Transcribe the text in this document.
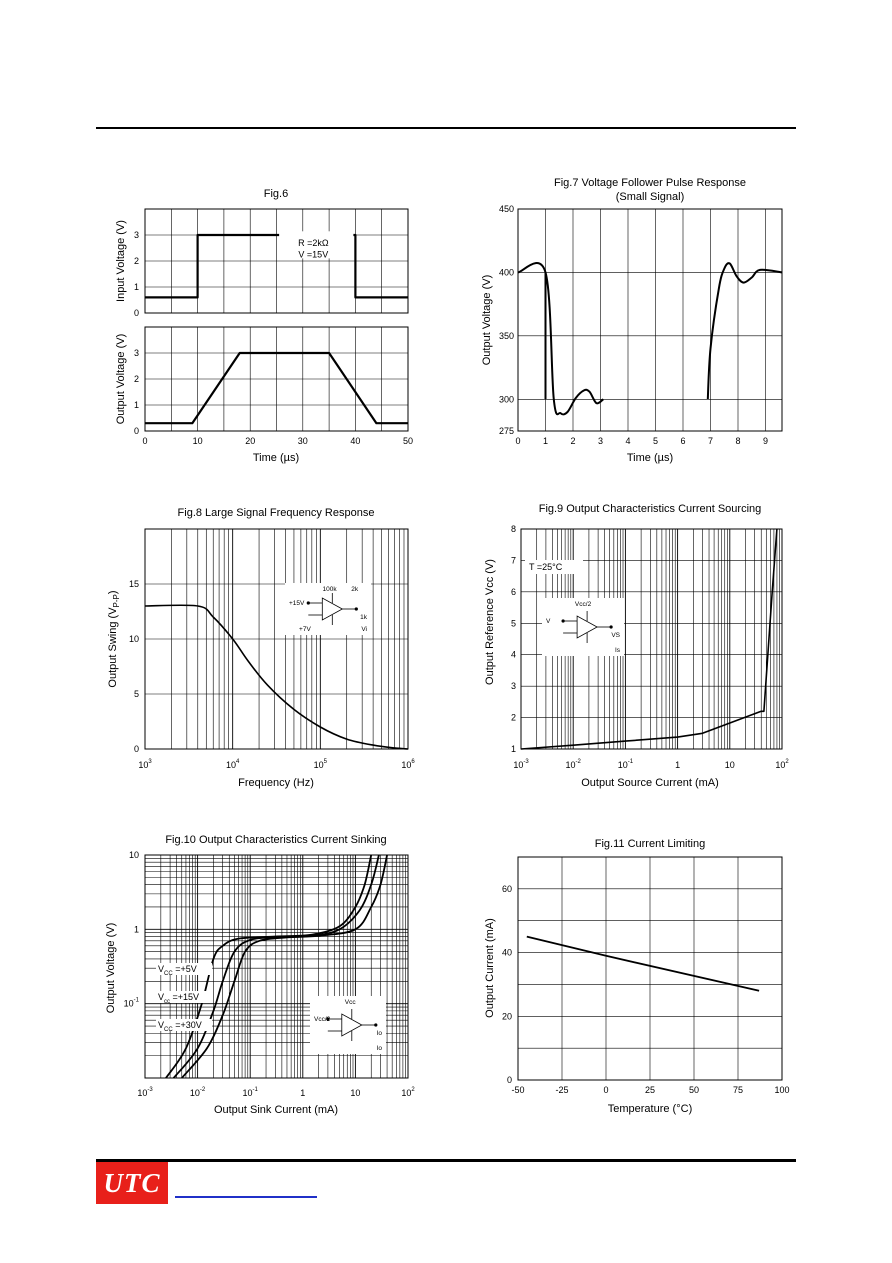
Fig.6
0
1
2
3
Input Voltage (V)	R =2kΩ
V =15V
0
1
2
3
Output Voltage (V)
0	10	20	30	40	50
Time (µs)
Fig.7 Voltage Follower Pulse Response
(Small Signal)
275
300
350
400
450
0 1 2 3 4 5 6 7 8 9
Output Voltage (V)
Time (µs)
Fig.8 Large Signal Frequency Response
0
5
10
15
$10^3$	$10^4$	$10^5$	$10^6$
Output Swing $(V_{P-P})$
Frequency (Hz)
100k
+15V
1k
Vi
+7V
2k
Fig.9 Output Characteristics Current Sourcing
1
2
3
4
5
6
7
8
$10^{-3}$	$10^{-2}$	$10^{-1}$	1	10	$10^2$
Output Reference Vcc (V)
Output Source Current (mA)
T =25°C
Vcc/2
V
VS
Is
Fig.10 Output Characteristics Current Sinking
10
1
$10^{-1}$
$10^{-3}$	$10^{-2}$	$10^{-1}$	1	10	$10^2$
Output Voltage (V)
Output Sink Current (mA)
$V_{CC} =+5V$
$V_{cc} =+15V$
$V_{CC} =+30V$
Vcc
Vcc/2
Io
Io
Fig.11 Current Limiting
0
20
40
60
-50	-25	0	25	50	75	100
Output Current (mA)
Temperature (°C)
UTC
